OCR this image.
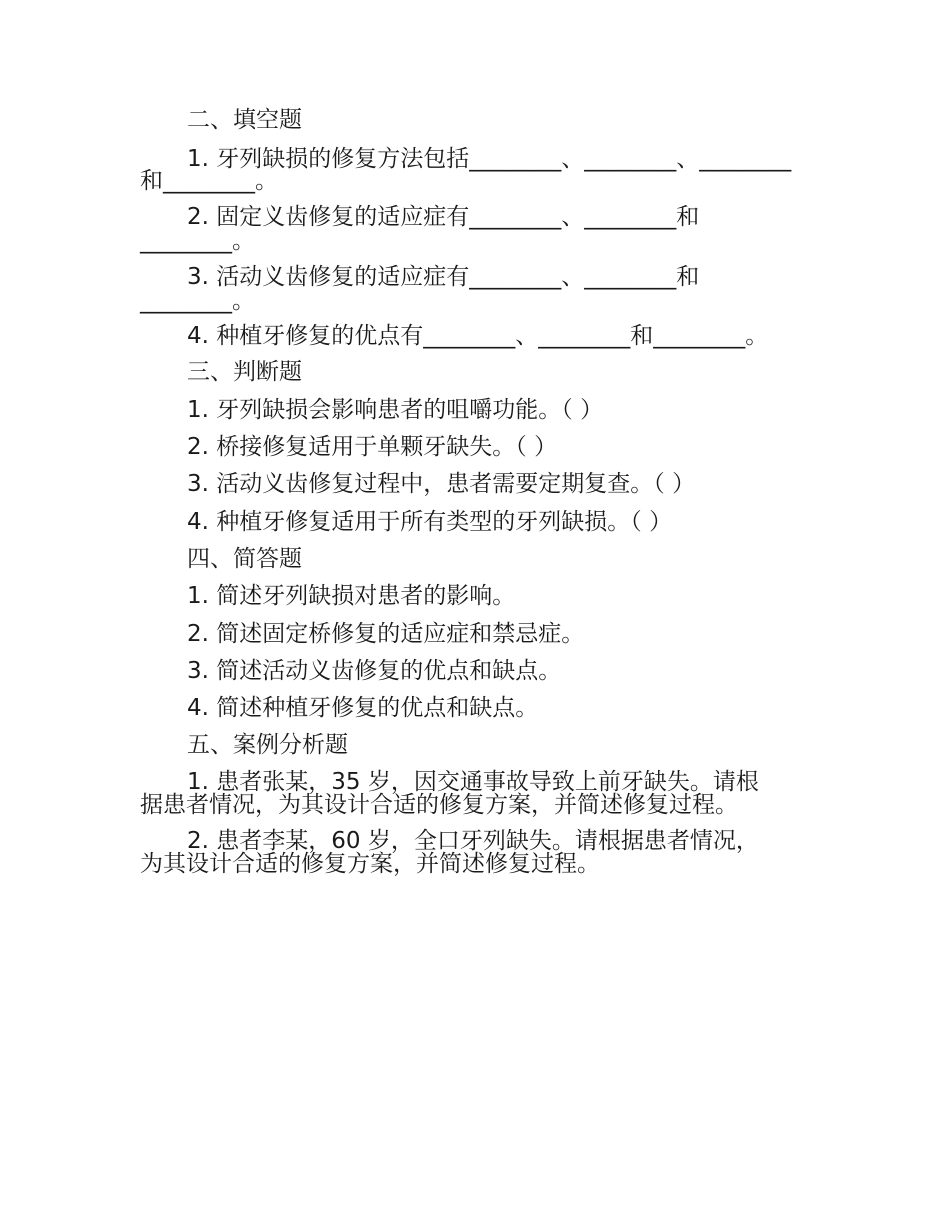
二、填空题
1. 牙列缺损的修复方法包括________、________、________
和________。
2. 固定义齿修复的适应症有________、________和
________。
3. 活动义齿修复的适应症有________、________和
________。
4. 种植牙修复的优点有________、________和________。
三、判断题
1. 牙列缺损会影响患者的咀嚼功能。（ ）
2. 桥接修复适用于单颗牙缺失。（ ）
3. 活动义齿修复过程中，患者需要定期复查。（ ）
4. 种植牙修复适用于所有类型的牙列缺损。（ ）
四、简答题
1. 简述牙列缺损对患者的影响。
2. 简述固定桥修复的适应症和禁忌症。
3. 简述活动义齿修复的优点和缺点。
4. 简述种植牙修复的优点和缺点。
五、案例分析题
1. 患者张某，35 岁，因交通事故导致上前牙缺失。请根
据患者情况，为其设计合适的修复方案，并简述修复过程。
2. 患者李某，60 岁，全口牙列缺失。请根据患者情况，
为其设计合适的修复方案，并简述修复过程。
